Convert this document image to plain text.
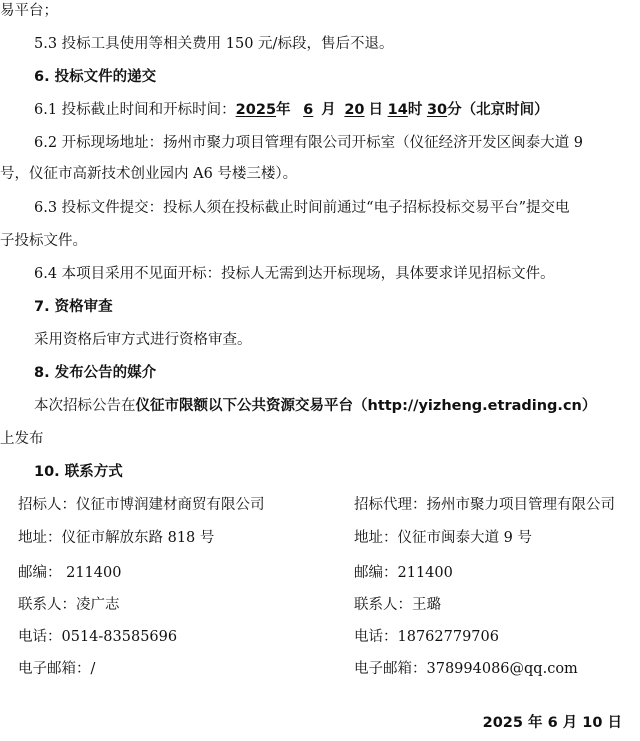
易平台；
5.3 投标工具使用等相关费用 150 元/标段，售后不退。
6. 投标文件的递交
6.1 投标截止时间和开标时间：2025年 6 月 20 日 14时 30分（北京时间）
6.2 开标现场地址：扬州市聚力项目管理有限公司开标室（仪征经济开发区闽泰大道 9
号，仪征市高新技术创业园内 A6 号楼三楼）。
6.3 投标文件提交：投标人须在投标截止时间前通过“电子招标投标交易平台”提交电
子投标文件。
6.4 本项目采用不见面开标：投标人无需到达开标现场，具体要求详见招标文件。
7. 资格审查
采用资格后审方式进行资格审查。
8. 发布公告的媒介
本次招标公告在仪征市限额以下公共资源交易平台（http://yizheng.etrading.cn）
上发布
10. 联系方式
招标人：仪征市博润建材商贸有限公司
地址：仪征市解放东路 818 号
邮编： 211400
联系人：凌广志
电话：0514-83585696
电子邮箱：/
招标代理：扬州市聚力项目管理有限公司
地址：仪征市闽泰大道 9 号
邮编：211400
联系人：王璐
电话：18762779706
电子邮箱：378994086@qq.com
2025 年 6 月 10 日
